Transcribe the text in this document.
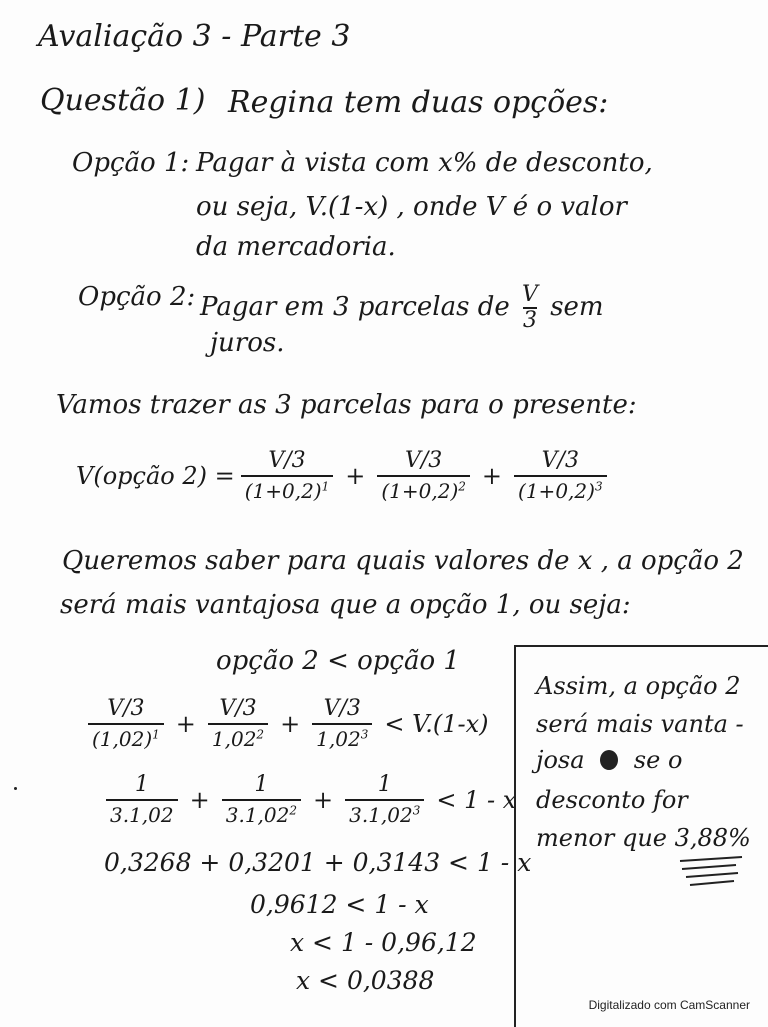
Avaliação 3 - Parte 3
Questão 1) Regina tem duas opções:
Opção 1: Pagar à vista com x% de desconto,
ou seja, V.(1-x) , onde V é o valor
da mercadoria.
Opção 2: Pagar em 3 parcelas de $\frac{V}{3}$ sem
juros.
Vamos trazer as 3 parcelas para o presente:
V(opção $2) = \frac{V/3}{(1+0,2)^1} + \frac{V/3}{(1+0,2)^2} + \frac{V/3}{(1+0,2)^3}$
Queremos saber para quais valores de x , a opção 2
será mais vantajosa que a opção 1, ou seja:
opção 2 < opção 1
$\frac{V/3}{(1,02)^1} + \frac{V/3}{1,02^2} + \frac{V/3}{1,02^3} < V.(1-x)$
$\frac{1}{3.1,02} + \frac{1}{3.1,02^2} + \frac{1}{3.1,02^3} < 1 - x$
0,3268 + 0,3201 + 0,3143 < 1 - x
0,9612 < 1 - x
x < 1 - 0,96,12
x < 0,0388
Assim, a opção 2
será mais vanta -
josa se o
desconto for
menor que 3,88%
Digitalizado com CamScanner
